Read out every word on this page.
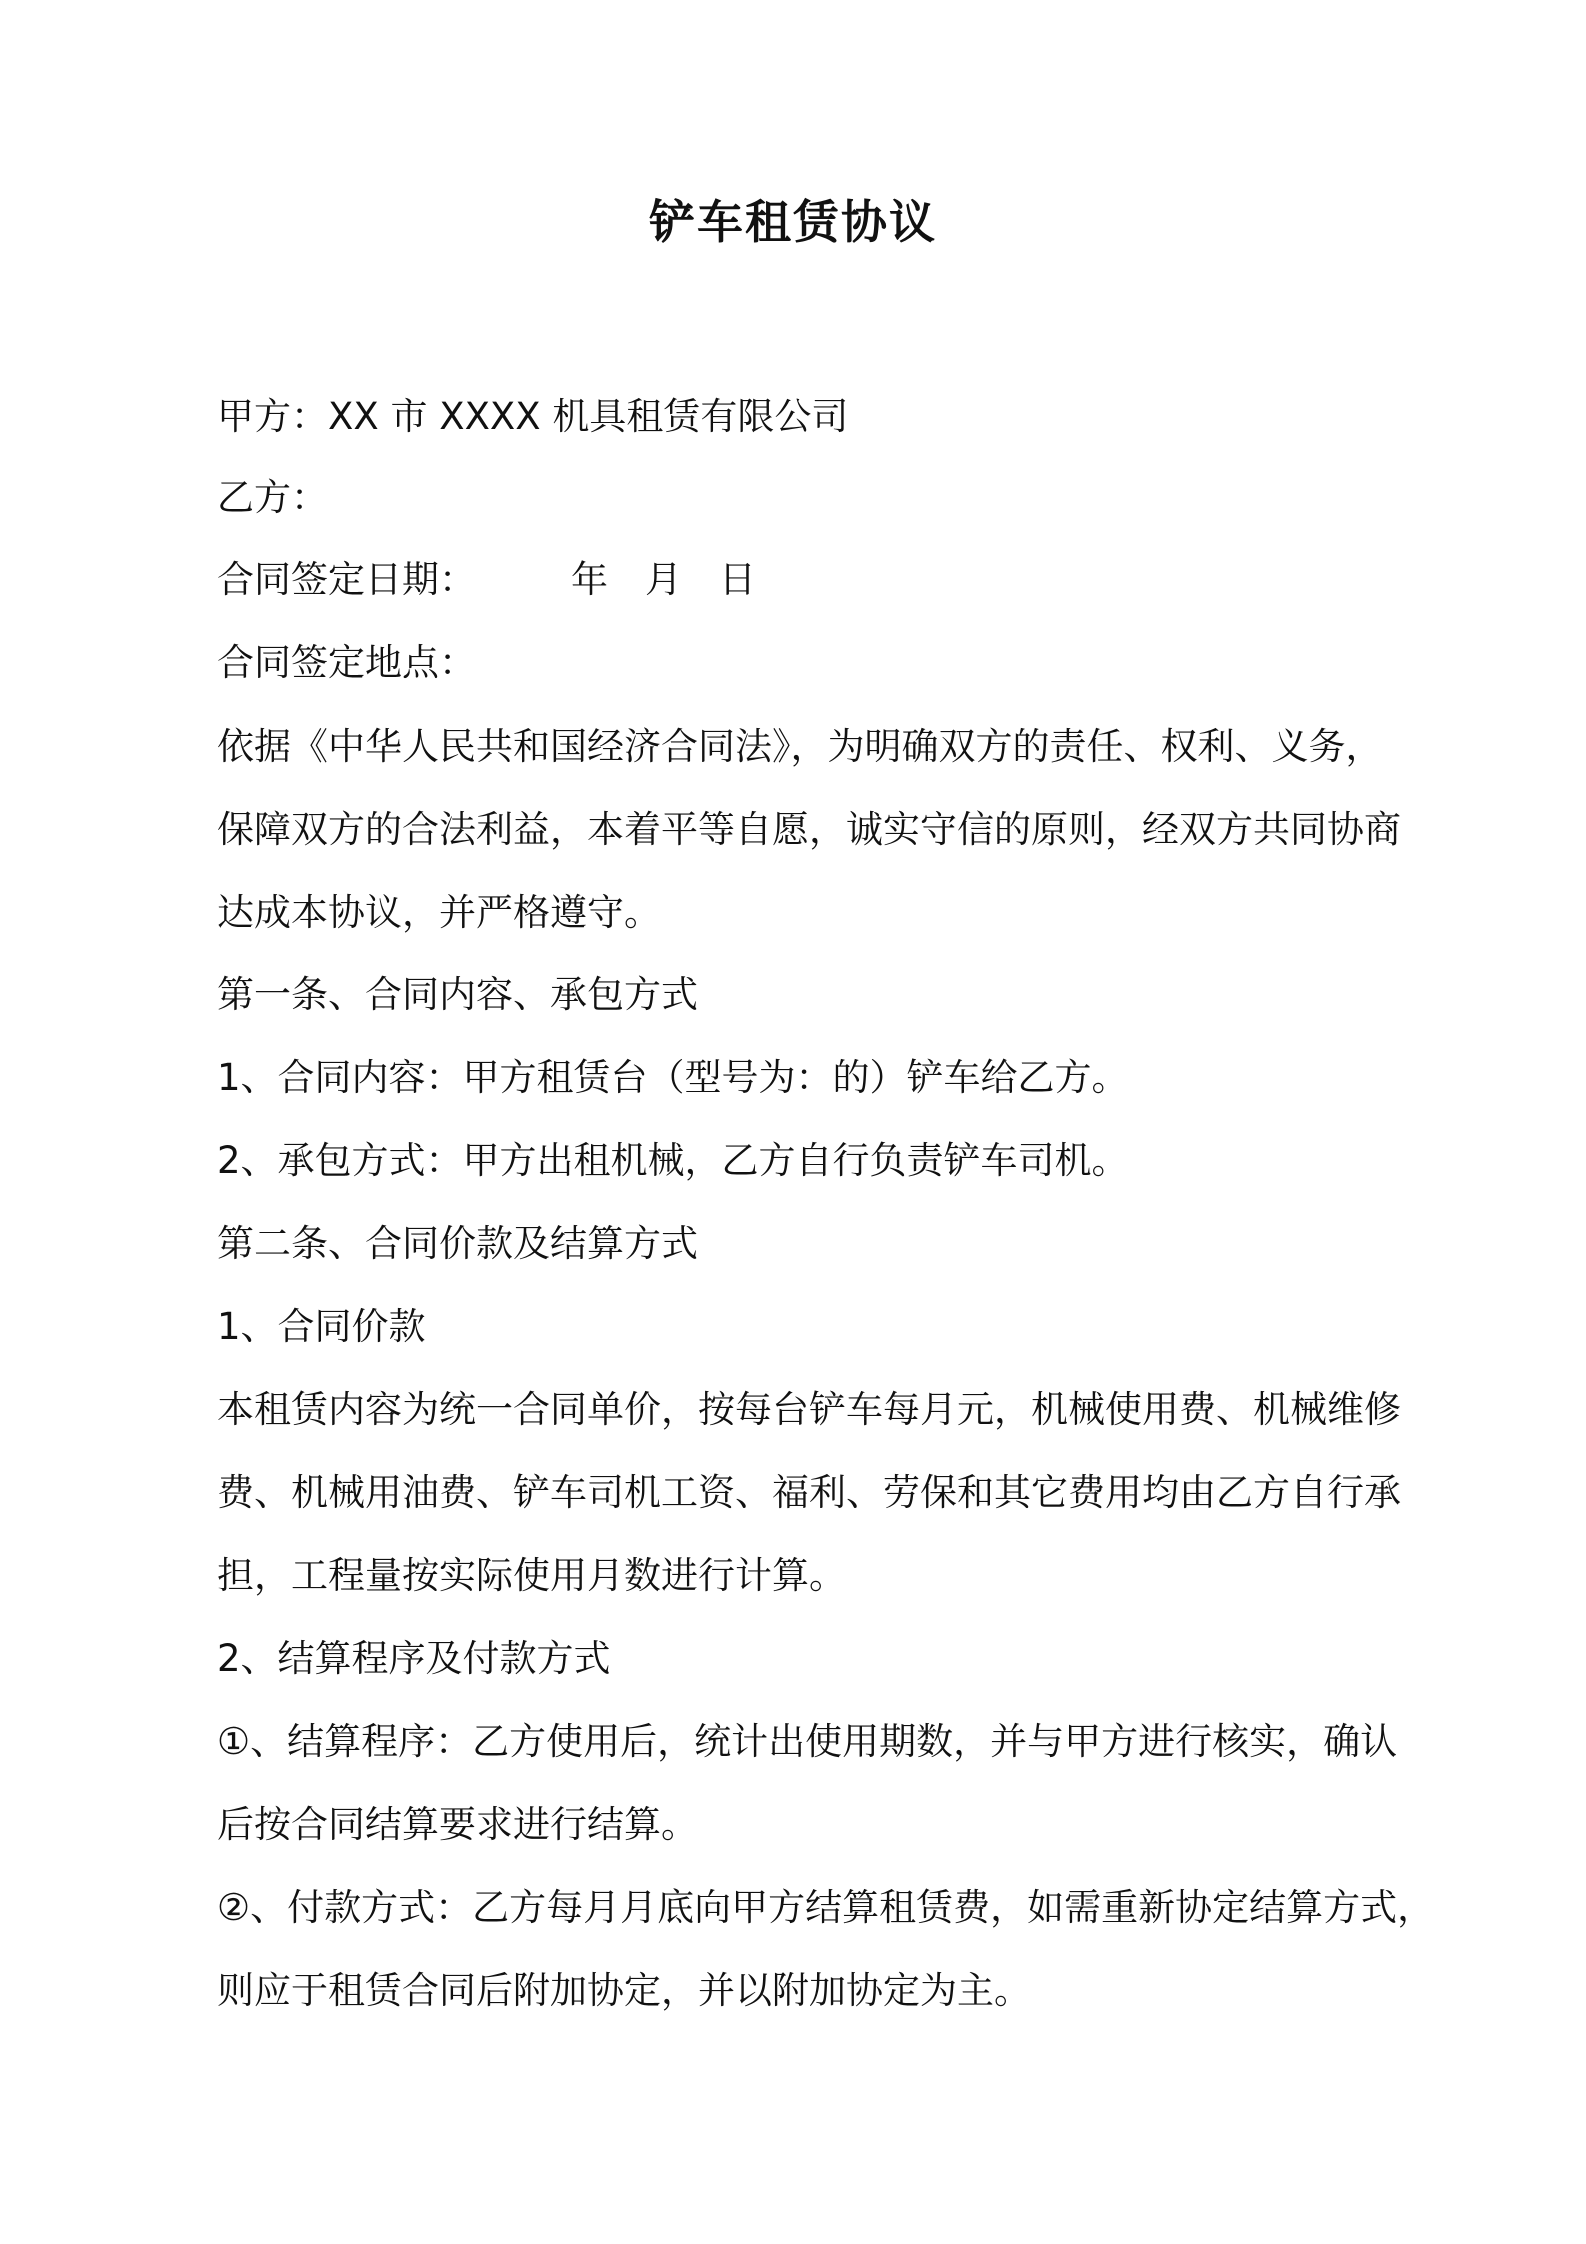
铲车租赁协议
甲方：XX 市 XXXX 机具租赁有限公司
乙方：
合同签定日期：	年 月 日
合同签定地点：
依据《中华人民共和国经济合同法》，为明确双方的责任、权利、义务，
保障双方的合法利益，本着平等自愿，诚实守信的原则，经双方共同协商
达成本协议，并严格遵守。
第一条、合同内容、承包方式
1、合同内容：甲方租赁台（型号为：的）铲车给乙方。
2、承包方式：甲方出租机械，乙方自行负责铲车司机。
第二条、合同价款及结算方式
1、合同价款
本租赁内容为统一合同单价，按每台铲车每月元，机械使用费、机械维修
费、机械用油费、铲车司机工资、福利、劳保和其它费用均由乙方自行承
担，工程量按实际使用月数进行计算。
2、结算程序及付款方式
①、结算程序：乙方使用后，统计出使用期数，并与甲方进行核实，确认
后按合同结算要求进行结算。
②、付款方式：乙方每月月底向甲方结算租赁费，如需重新协定结算方式，
则应于租赁合同后附加协定，并以附加协定为主。
